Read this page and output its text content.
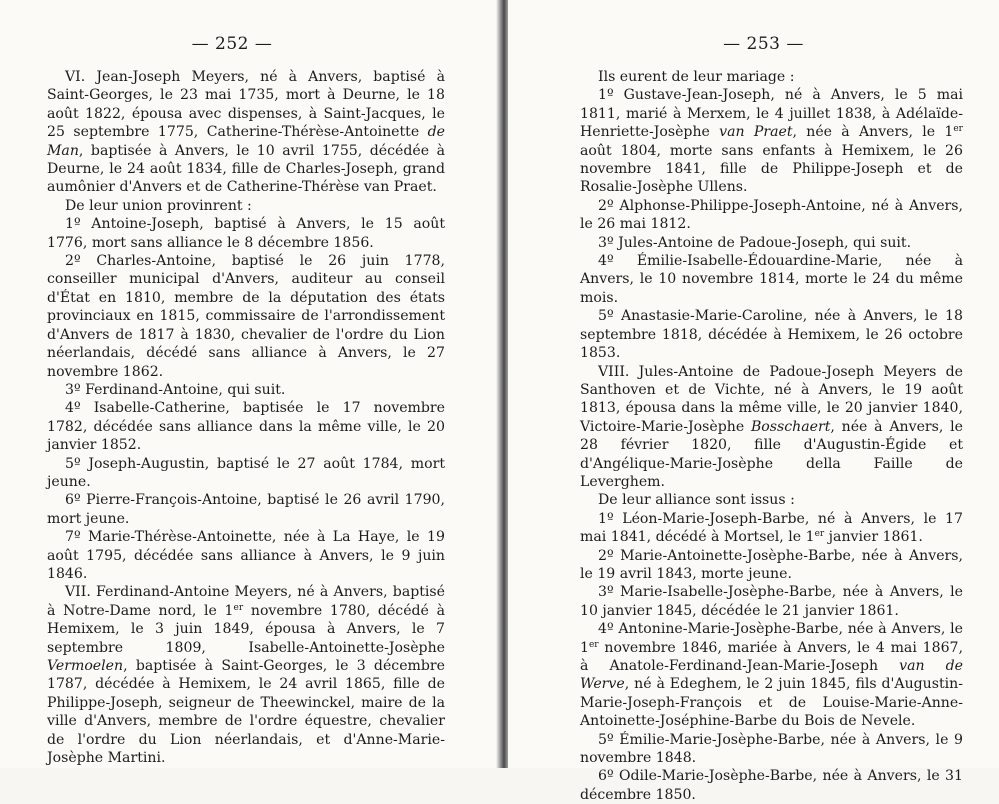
— 252 —

VI. Jean-Joseph Meyers, né à Anvers, baptisé à Saint-Georges, le 23 mai 1735, mort à Deurne, le 18 août 1822, épousa avec dispenses, à Saint-Jacques, le 25 septembre 1775, Catherine-Thérèse-Antoinette de Man, baptisée à Anvers, le 10 avril 1755, décédée à Deurne, le 24 août 1834, fille de Charles-Joseph, grand aumônier d'Anvers et de Catherine-Thérèse van Praet.

De leur union provinrent :

1º Antoine-Joseph, baptisé à Anvers, le 15 août 1776, mort sans alliance le 8 décembre 1856.

2º Charles-Antoine, baptisé le 26 juin 1778, conseiller municipal d'Anvers, auditeur au conseil d'État en 1810, membre de la députation des états provinciaux en 1815, commissaire de l'arrondissement d'Anvers de 1817 à 1830, chevalier de l'ordre du Lion néerlandais, décédé sans alliance à Anvers, le 27 novembre 1862.

3º Ferdinand-Antoine, qui suit.

4º Isabelle-Catherine, baptisée le 17 novembre 1782, décédée sans alliance dans la même ville, le 20 janvier 1852.

5º Joseph-Augustin, baptisé le 27 août 1784, mort jeune.

6º Pierre-François-Antoine, baptisé le 26 avril 1790, mort jeune.

7º Marie-Thérèse-Antoinette, née à La Haye, le 19 août 1795, décédée sans alliance à Anvers, le 9 juin 1846.

VII. Ferdinand-Antoine Meyers, né à Anvers, baptisé à Notre-Dame nord, le 1er novembre 1780, décédé à Hemixem, le 3 juin 1849, épousa à Anvers, le 7 septembre 1809, Isabelle-Antoinette-Josèphe Vermoelen, baptisée à Saint-Georges, le 3 décembre 1787, décédée à Hemixem, le 24 avril 1865, fille de Philippe-Joseph, seigneur de Theewinckel, maire de la ville d'Anvers, membre de l'ordre équestre, chevalier de l'ordre du Lion néerlandais, et d'Anne-Marie-Josèphe Martini.

— 253 —

Ils eurent de leur mariage :

1º Gustave-Jean-Joseph, né à Anvers, le 5 mai 1811, marié à Merxem, le 4 juillet 1838, à Adélaïde-Henriette-Josèphe van Praet, née à Anvers, le 1er août 1804, morte sans enfants à Hemixem, le 26 novembre 1841, fille de Philippe-Joseph et de Rosalie-Josèphe Ullens.

2º Alphonse-Philippe-Joseph-Antoine, né à Anvers, le 26 mai 1812.

3º Jules-Antoine de Padoue-Joseph, qui suit.

4º Émilie-Isabelle-Édouardine-Marie, née à Anvers, le 10 novembre 1814, morte le 24 du même mois.

5º Anastasie-Marie-Caroline, née à Anvers, le 18 septembre 1818, décédée à Hemixem, le 26 octobre 1853.

VIII. Jules-Antoine de Padoue-Joseph Meyers de Santhoven et de Vichte, né à Anvers, le 19 août 1813, épousa dans la même ville, le 20 janvier 1840, Victoire-Marie-Josèphe Bosschaert, née à Anvers, le 28 février 1820, fille d'Augustin-Égide et d'Angélique-Marie-Josèphe della Faille de Leverghem.

De leur alliance sont issus :

1º Léon-Marie-Joseph-Barbe, né à Anvers, le 17 mai 1841, décédé à Mortsel, le 1er janvier 1861.

2º Marie-Antoinette-Josèphe-Barbe, née à Anvers, le 19 avril 1843, morte jeune.

3º Marie-Isabelle-Josèphe-Barbe, née à Anvers, le 10 janvier 1845, décédée le 21 janvier 1861.

4º Antonine-Marie-Josèphe-Barbe, née à Anvers, le 1er novembre 1846, mariée à Anvers, le 4 mai 1867, à Anatole-Ferdinand-Jean-Marie-Joseph van de Werve, né à Edeghem, le 2 juin 1845, fils d'Augustin-Marie-Joseph-François et de Louise-Marie-Anne-Antoinette-Joséphine-Barbe du Bois de Nevele.

5º Émilie-Marie-Josèphe-Barbe, née à Anvers, le 9 novembre 1848.

6º Odile-Marie-Josèphe-Barbe, née à Anvers, le 31 décembre 1850.
